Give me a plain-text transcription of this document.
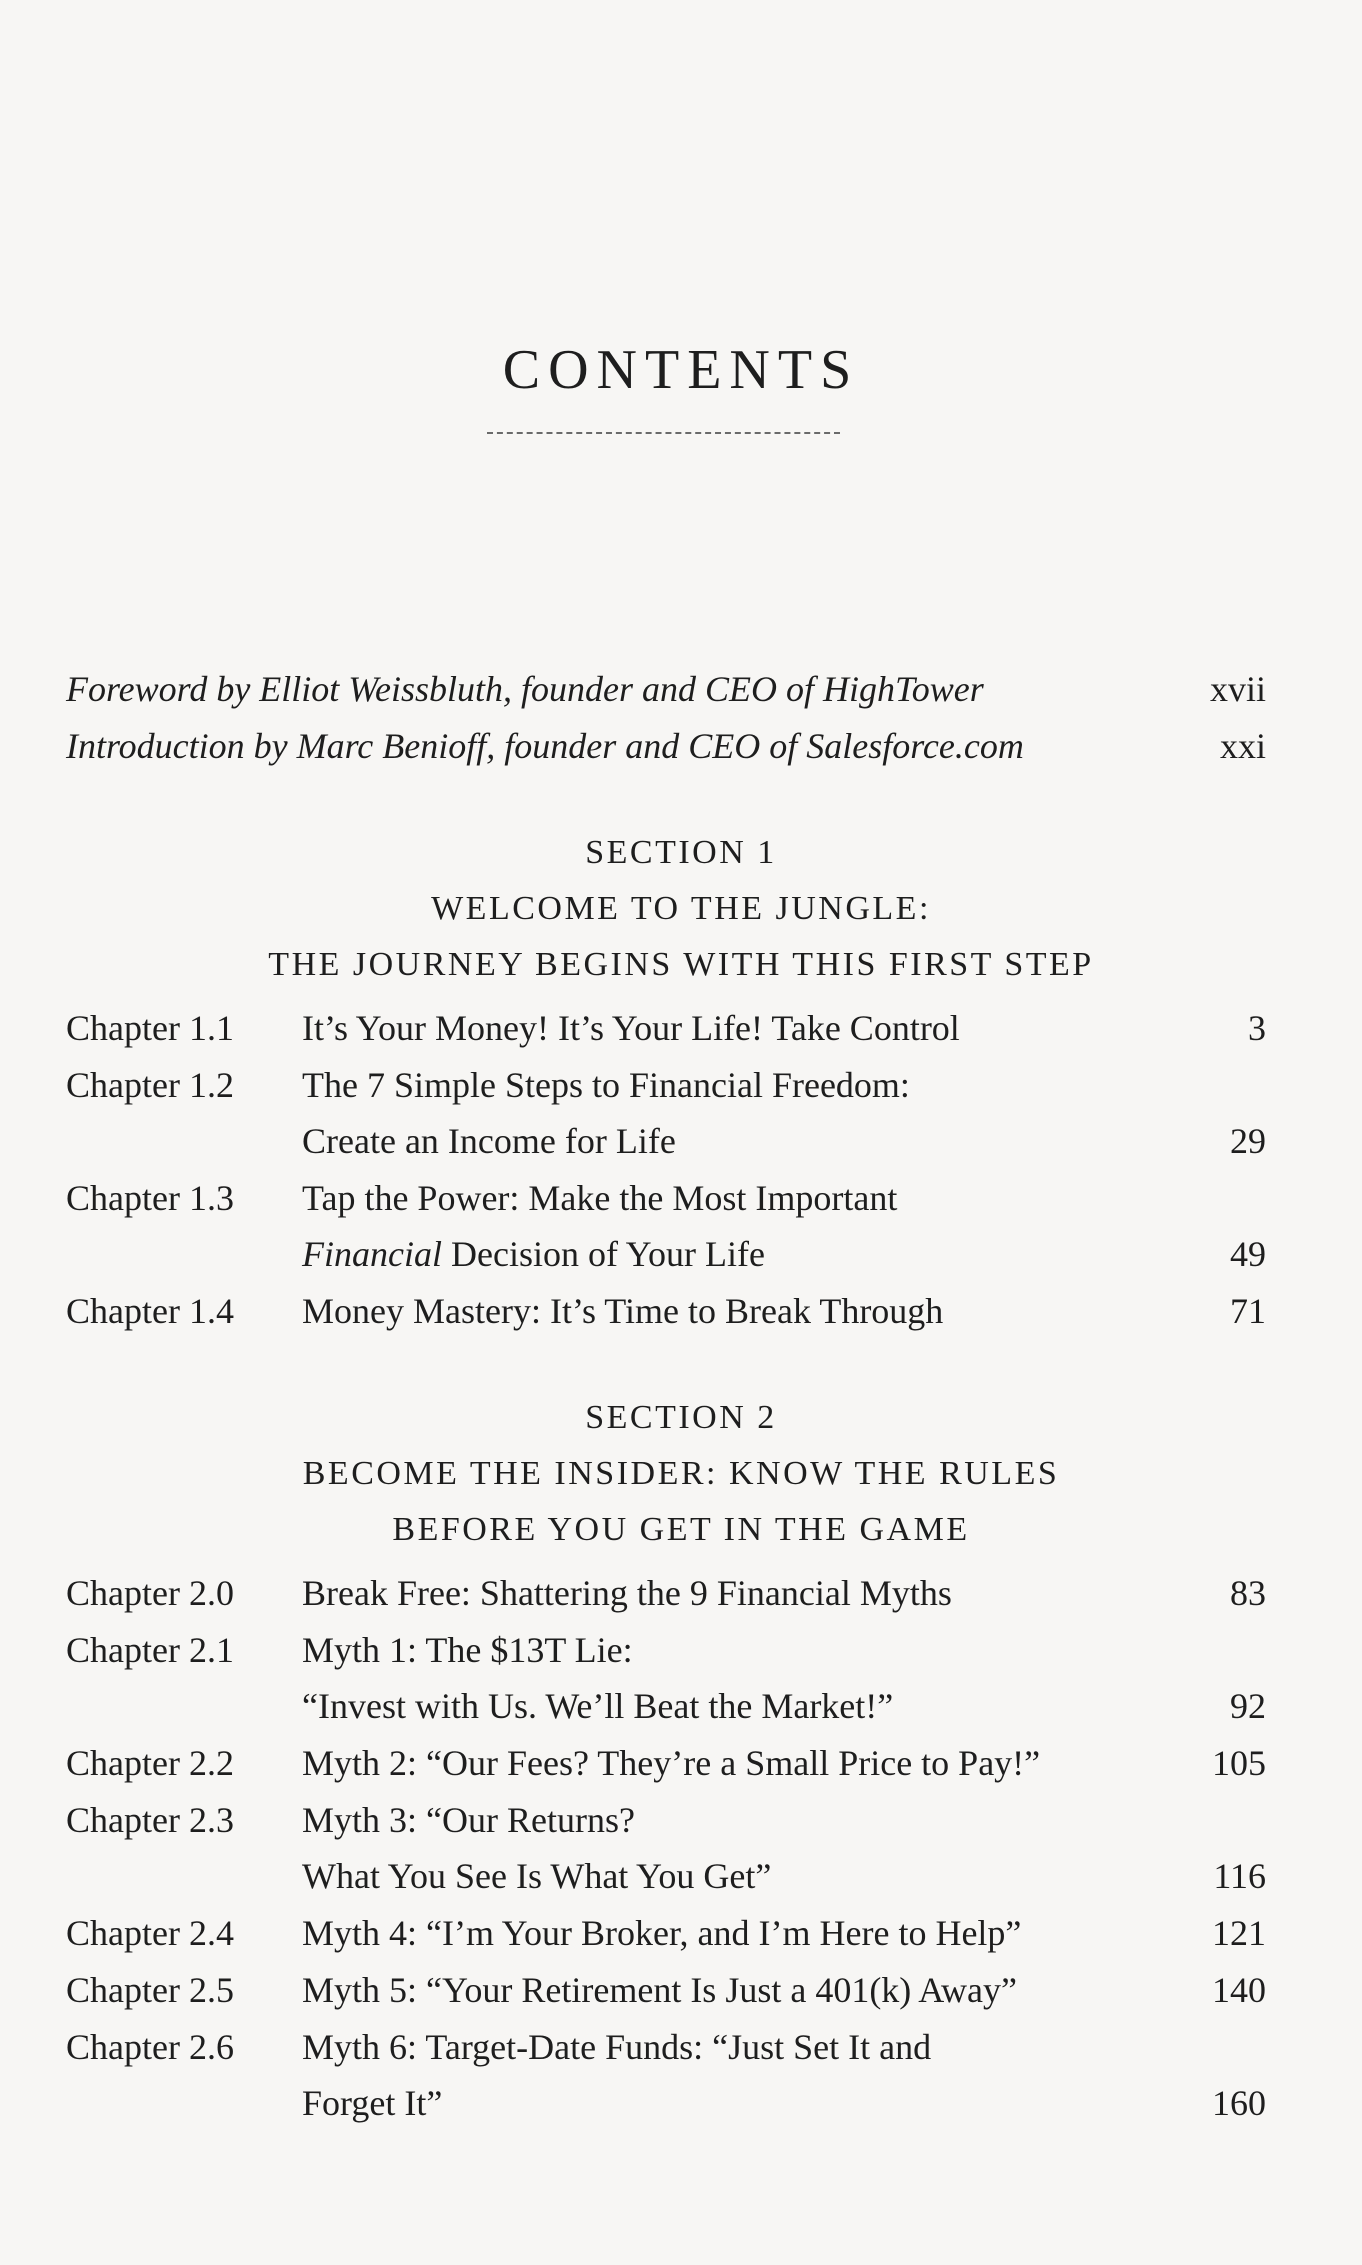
CONTENTS
Foreword by Elliot Weissbluth, founder and CEO of HighTower	xvii
Introduction by Marc Benioff, founder and CEO of Salesforce.com	xxi
SECTION 1
WELCOME TO THE JUNGLE:
THE JOURNEY BEGINS WITH THIS FIRST STEP
Chapter 1.1 It’s Your Money! It’s Your Life! Take Control	3
Chapter 1.2 The 7 Simple Steps to Financial Freedom:
Create an Income for Life	29
Chapter 1.3 Tap the Power: Make the Most Important
Financial Decision of Your Life	49
Chapter 1.4 Money Mastery: It’s Time to Break Through	71
SECTION 2
BECOME THE INSIDER: KNOW THE RULES
BEFORE YOU GET IN THE GAME
Chapter 2.0 Break Free: Shattering the 9 Financial Myths	83
Chapter 2.1 Myth 1: The $13T Lie:
“Invest with Us. We’ll Beat the Market!”	92
Chapter 2.2 Myth 2: “Our Fees? They’re a Small Price to Pay!”	105
Chapter 2.3 Myth 3: “Our Returns?
What You See Is What You Get”	116
Chapter 2.4 Myth 4: “I’m Your Broker, and I’m Here to Help”	121
Chapter 2.5 Myth 5: “Your Retirement Is Just a 401(k) Away”	140
Chapter 2.6 Myth 6: Target-Date Funds: “Just Set It and
Forget It”	160
